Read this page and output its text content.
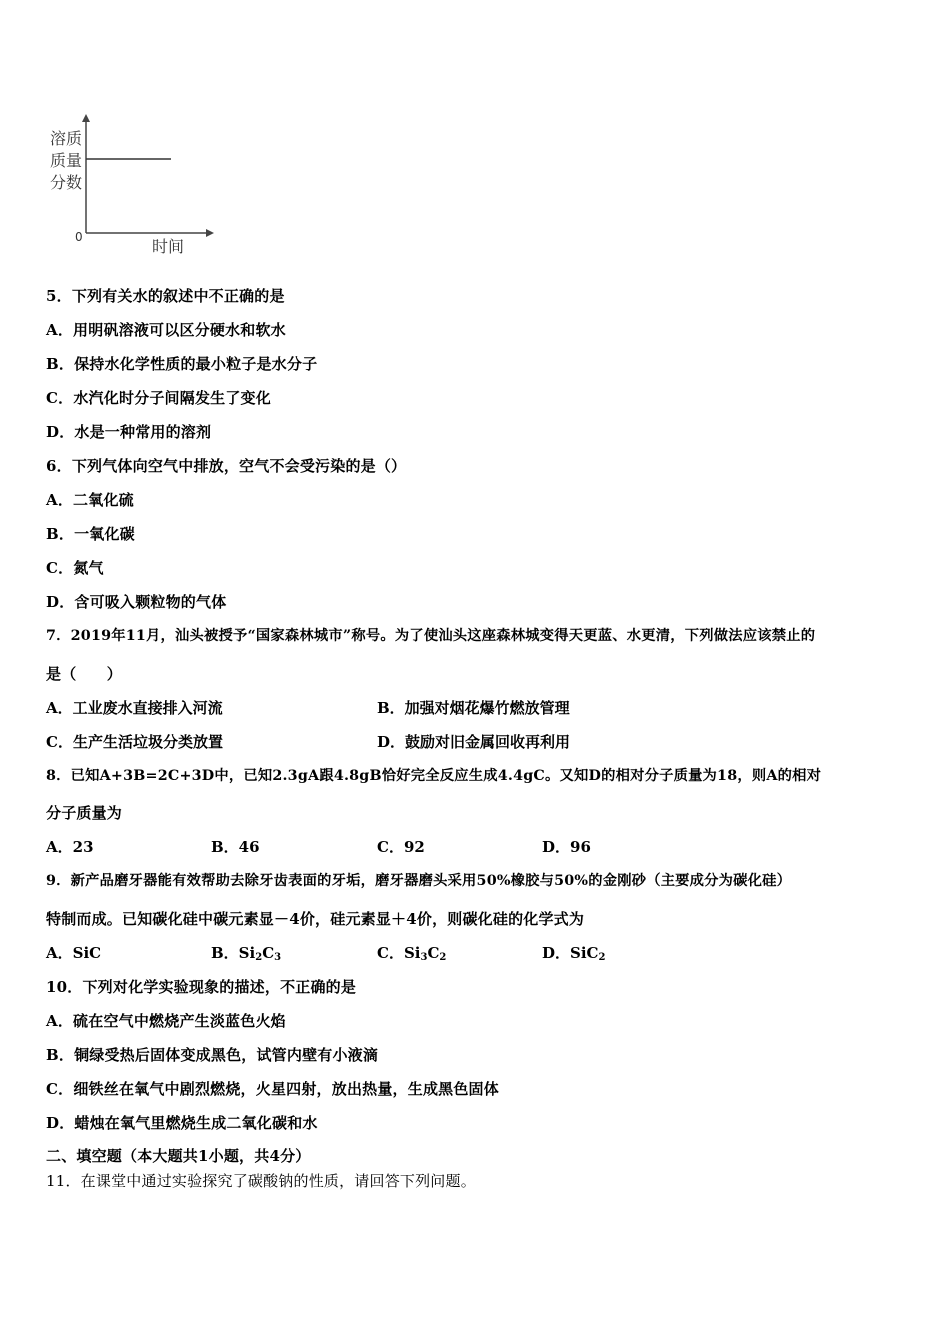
溶质
质量
分数
0	时间
5．下列有关水的叙述中不正确的是
A．用明矾溶液可以区分硬水和软水
B．保持水化学性质的最小粒子是水分子
C．水汽化时分子间隔发生了变化
D．水是一种常用的溶剂
6．下列气体向空气中排放，空气不会受污染的是（）
A．二氧化硫
B．一氧化碳
C．氮气
D．含可吸入颗粒物的气体
7．2019年11月，汕头被授予“国家森林城市”称号。为了使汕头这座森林城变得天更蓝、水更清，下列做法应该禁止的
是（　　）
A．工业废水直接排入河流	B．加强对烟花爆竹燃放管理
C．生产生活垃圾分类放置	D．鼓励对旧金属回收再利用
8．已知A+3B=2C+3D中，已知2.3gA跟4.8gB恰好完全反应生成4.4gC。又知D的相对分子质量为18，则A的相对
分子质量为
A．23	B．46	C．92	D．96
9．新产品磨牙器能有效帮助去除牙齿表面的牙垢，磨牙器磨头采用50%橡胶与50%的金刚砂（主要成分为碳化硅）
特制而成。已知碳化硅中碳元素显－4价，硅元素显＋4价，则碳化硅的化学式为
A．SiC	B．$Si_2C_3$	C．$Si_3C_2$	D．SiC$_2$
10．下列对化学实验现象的描述，不正确的是
A．硫在空气中燃烧产生淡蓝色火焰
B．铜绿受热后固体变成黑色，试管内壁有小液滴
C．细铁丝在氧气中剧烈燃烧，火星四射，放出热量，生成黑色固体
D．蜡烛在氧气里燃烧生成二氧化碳和水
二、填空题（本大题共1小题，共4分）
11．在课堂中通过实验探究了碳酸钠的性质，请回答下列问题。
